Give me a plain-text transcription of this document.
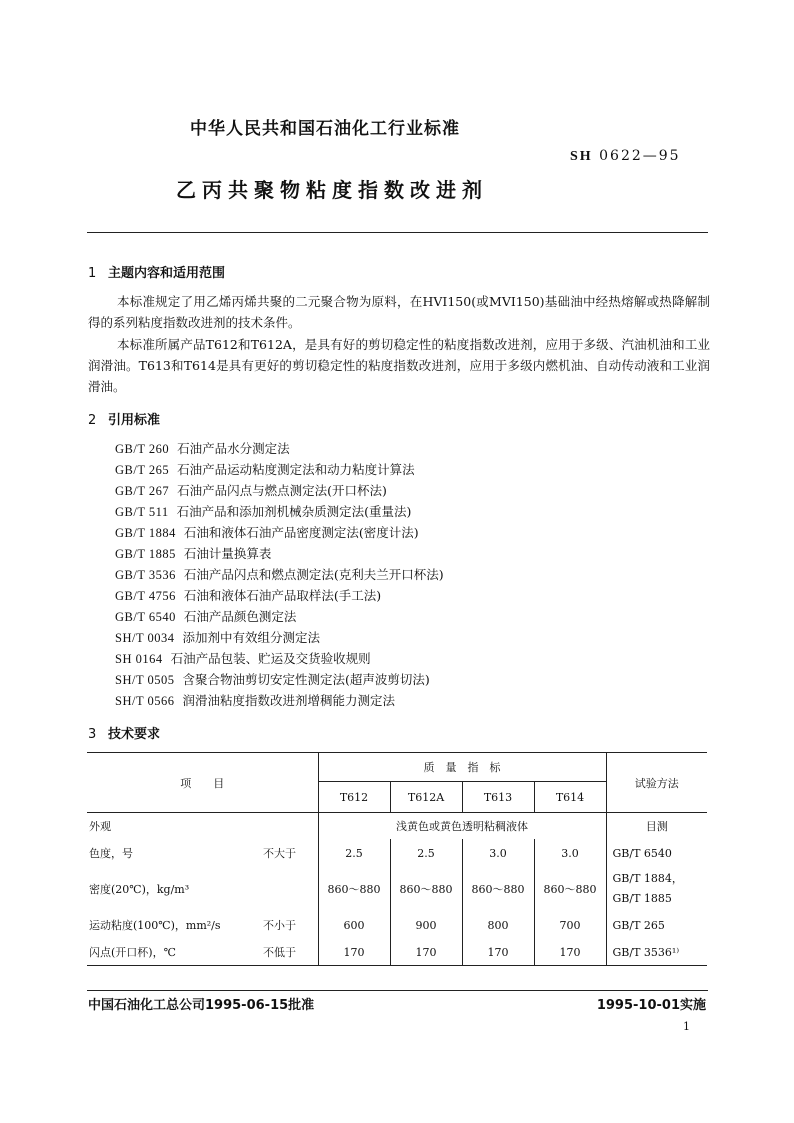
中华人民共和国石油化工行业标准
SH 0622—95
乙丙共聚物粘度指数改进剂
1 主题内容和适用范围
本标准规定了用乙烯丙烯共聚的二元聚合物为原料，在HVI150(或MVI150)基础油中经热熔解或热降解制得的系列粘度指数改进剂的技术条件。
本标准所属产品T612和T612A，是具有好的剪切稳定性的粘度指数改进剂，应用于多级、汽油机油和工业润滑油。T613和T614是具有更好的剪切稳定性的粘度指数改进剂，应用于多级内燃机油、自动传动液和工业润滑油。
2 引用标准
GB/T 260 石油产品水分测定法
GB/T 265 石油产品运动粘度测定法和动力粘度计算法
GB/T 267 石油产品闪点与燃点测定法(开口杯法)
GB/T 511 石油产品和添加剂机械杂质测定法(重量法)
GB/T 1884 石油和液体石油产品密度测定法(密度计法)
GB/T 1885 石油计量换算表
GB/T 3536 石油产品闪点和燃点测定法(克利夫兰开口杯法)
GB/T 4756 石油和液体石油产品取样法(手工法)
GB/T 6540 石油产品颜色测定法
SH/T 0034 添加剂中有效组分测定法
SH 0164 石油产品包装、贮运及交货验收规则
SH/T 0505 含聚合物油剪切安定性测定法(超声波剪切法)
SH/T 0566 润滑油粘度指数改进剂增稠能力测定法
3 技术要求
项　　目		质　量　指　标				试验方法
		T612	T612A	T613	T614	
外观		浅黄色或黄色透明粘稠液体				目测
色度，号	不大于	2.5	2.5	3.0	3.0	GB/T 6540
密度(20℃)，kg/m³		860～880	860～880	860～880	860～880	GB/T 1884，
GB/T 1885

运动粘度(100℃)，mm²/s	不小于	600	900	800	700	GB/T 265
闪点(开口杯)，℃	不低于	170	170	170	170	GB/T 3536¹⁾
中国石油化工总公司1995-06-15批准	1995-10-01实施
1
